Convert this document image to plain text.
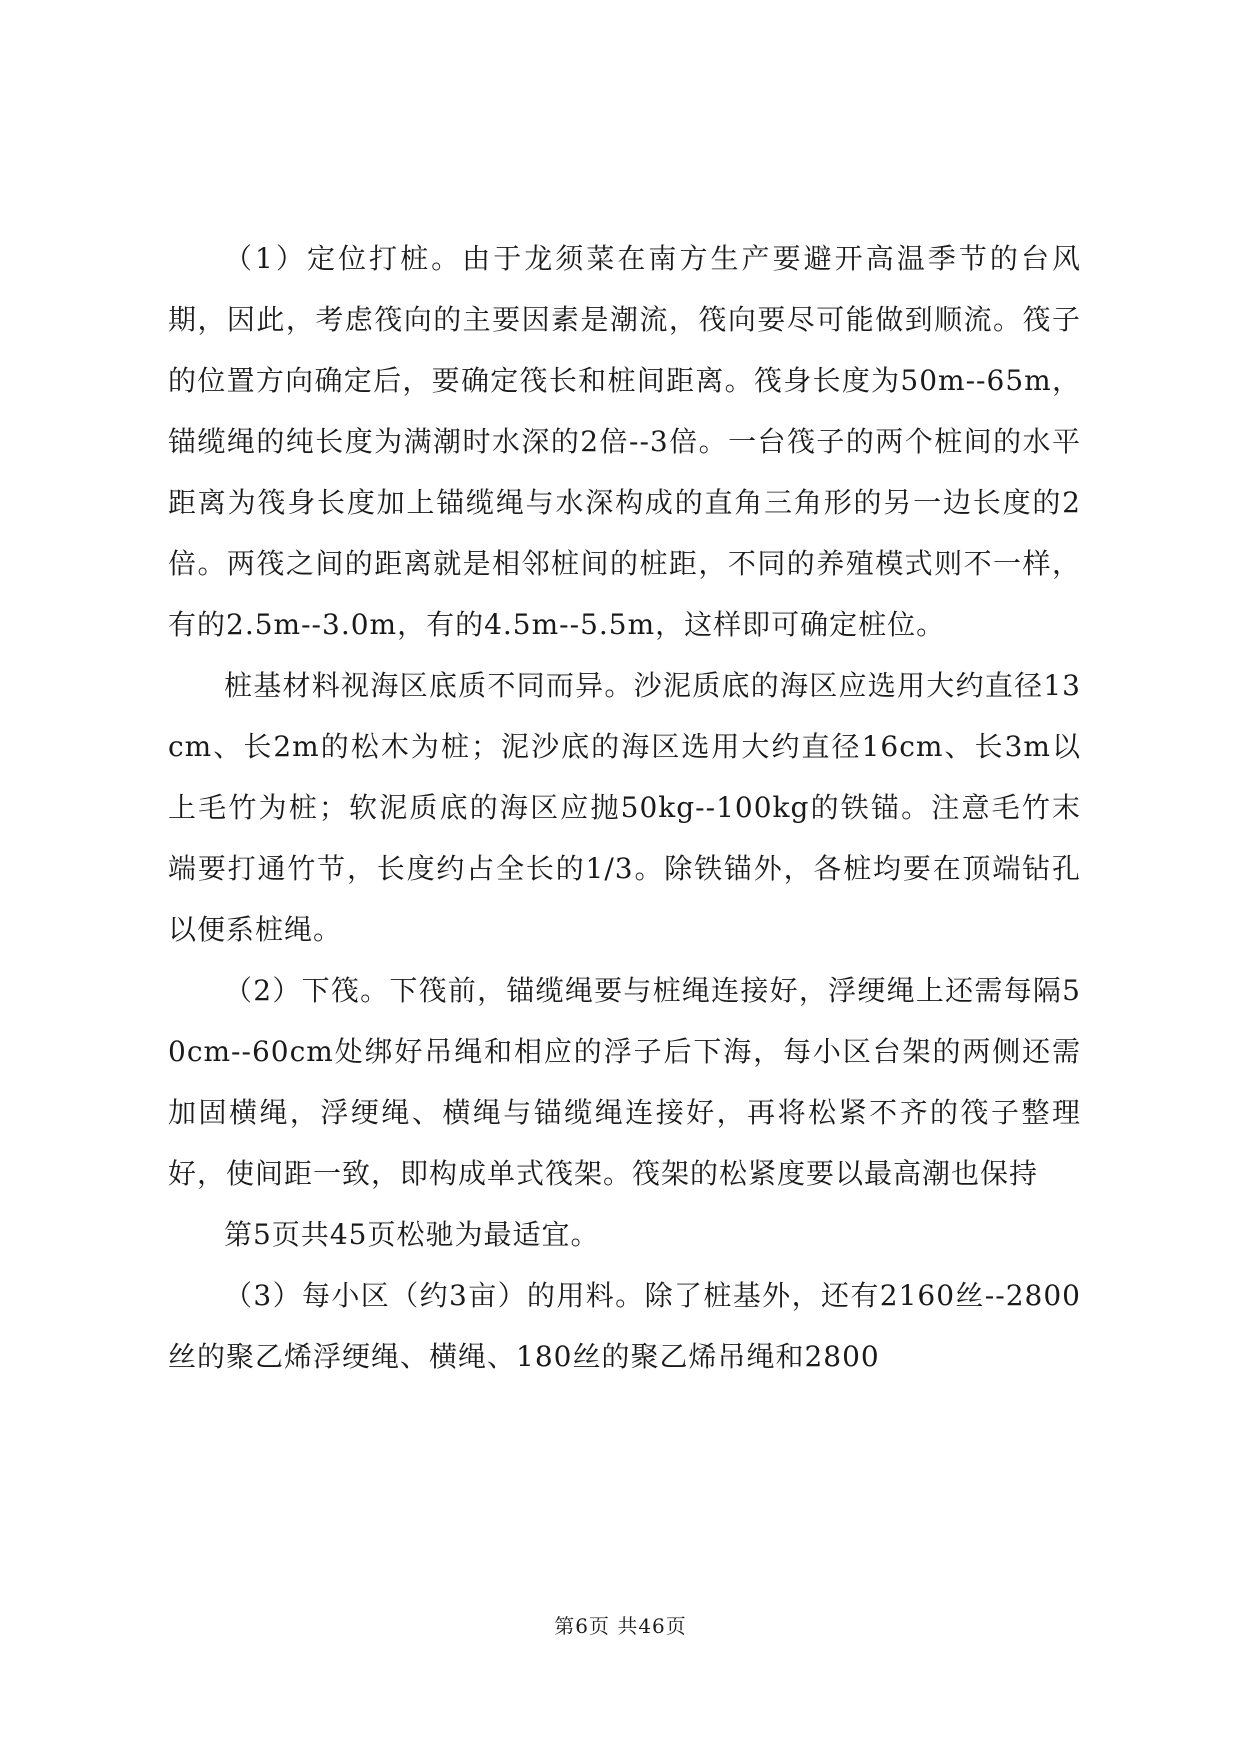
（1）定位打桩。由于龙须菜在南方生产要避开高温季节的台风期，因此，考虑筏向的主要因素是潮流，筏向要尽可能做到顺流。筏子的位置方向确定后，要确定筏长和桩间距离。筏身长度为50m--65m，锚缆绳的纯长度为满潮时水深的2倍--3倍。一台筏子的两个桩间的水平距离为筏身长度加上锚缆绳与水深构成的直角三角形的另一边长度的2倍。两筏之间的距离就是相邻桩间的桩距，不同的养殖模式则不一样，有的2.5m--3.0m，有的4.5m--5.5m，这样即可确定桩位。

桩基材料视海区底质不同而异。沙泥质底的海区应选用大约直径13cm、长2m的松木为桩；泥沙底的海区选用大约直径16cm、长3m以上毛竹为桩；软泥质底的海区应抛50kg--100kg的铁锚。注意毛竹末端要打通竹节，长度约占全长的1/3。除铁锚外，各桩均要在顶端钻孔以便系桩绳。

（2）下筏。下筏前，锚缆绳要与桩绳连接好，浮绠绳上还需每隔50cm--60cm处绑好吊绳和相应的浮子后下海，每小区台架的两侧还需加固横绳，浮绠绳、横绳与锚缆绳连接好，再将松紧不齐的筏子整理好，使间距一致，即构成单式筏架。筏架的松紧度要以最高潮也保持

第5页共45页松驰为最适宜。

（3）每小区（约3亩）的用料。除了桩基外，还有2160丝--2800丝的聚乙烯浮绠绳、横绳、180丝的聚乙烯吊绳和2800

第6页 共46页
